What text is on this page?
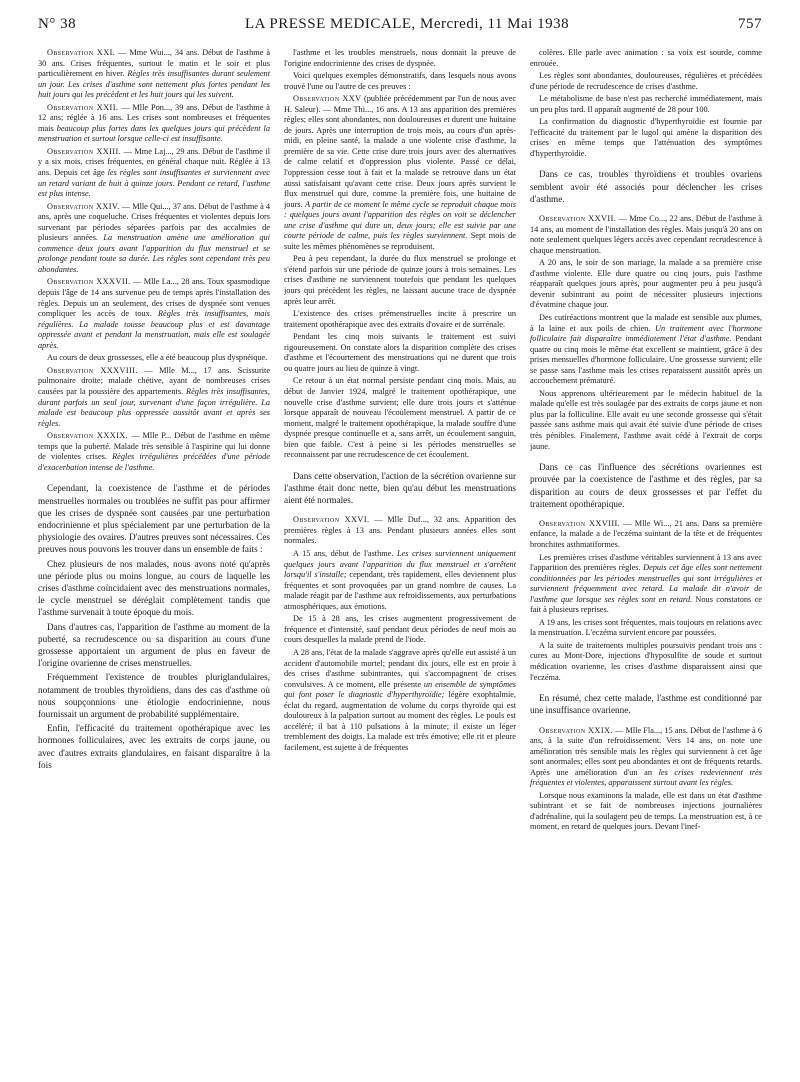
N° 38	LA PRESSE MEDICALE, Mercredi, 11 Mai 1938	757

Observation XXI. — Mme Wui..., 34 ans. Début de l'asthme à 30 ans. Crises fréquentes, surtout le matin et le soir et plus particulièrement en hiver. Règles très insuffisantes durant seulement un jour. Les crises d'asthme sont nettement plus fortes pendant les huit jours qui les précèdent et les huit jours qui les suivent.

Observation XXII. — Mlle Pon..., 39 ans. Début de l'asthme à 12 ans; réglée à 16 ans. Les crises sont nombreuses et fréquentes mais beaucoup plus fortes dans les quelques jours qui précèdent la menstruation et surtout lorsque celle-ci est insuffisante.

Observation XXIII. — Mme Laj..., 29 ans. Début de l'asthme il y a six mois, crises fréquentes, en général chaque nuit. Réglée à 13 ans. Depuis cet âge les règles sont insuffisantes et surviennent avec un retard variant de huit à quinze jours. Pendant ce retard, l'asthme est plus intense.

Observation XXIV. — Mlle Qui..., 37 ans. Début de l'asthme à 4 ans, après une coqueluche. Crises fréquentes et violentes depuis lors survenant par périodes séparées parfois par des accalmies de plusieurs années. La menstruation amène une amélioration qui commence deux jours avant l'apparition du flux menstruel et se prolonge pendant toute sa durée. Les règles sont cependant très peu abondantes.

Observation XXXVII. — Mlle La..., 28 ans. Toux spasmodique depuis l'âge de 14 ans survenue peu de temps après l'installation des règles. Depuis un an seulement, des crises de dyspnée sont venues compliquer les accès de toux. Règles très insuffisantes, mais régulières. La malade tousse beaucoup plus et est davantage oppressée avant et pendant la menstruation, mais elle est soulagée après.

Au cours de deux grossesses, elle a été beaucoup plus dyspnéique.

Observation XXXVIII. — Mlle M..., 17 ans. Scissurite pulmonaire droite; malade chétive, ayant de nombreuses crises causées par la poussière des appartements. Règles très insuffisantes, durant parfois un seul jour, survenant d'une façon irrégulière. La malade est beaucoup plus oppressée aussitôt avant et après ses règles.

Observation XXXIX. — Mlle P... Début de l'asthme en même temps que la puberté. Malade très sensible à l'aspirine qui lui donne de violentes crises. Règles irrégulières précédées d'une période d'exacerbation intense de l'asthme.

Cependant, la coexistence de l'asthme et de périodes menstruelles normales ou troublées ne suffit pas pour affirmer que les crises de dyspnée sont causées par une perturbation endocrinienne et plus spécialement par une perturbation de la physiologie des ovaires. D'autres preuves sont nécessaires. Ces preuves nous pouvons les trouver dans un ensemble de faits :

Chez plusieurs de nos malades, nous avons noté qu'après une période plus ou moins longue, au cours de laquelle les crises d'asthme coïncidaient avec des menstruations normales, le cycle menstruel se déréglait complètement tandis que l'asthme survenait à toute époque du mois.

Dans d'autres cas, l'apparition de l'asthme au moment de la puberté, sa recrudescence ou sa disparition au cours d'une grossesse apportaient un argument de plus en faveur de l'origine ovarienne de crises menstruelles.

Fréquemment l'existence de troubles pluriglandulaires, notamment de troubles thyroïdiens, dans des cas d'asthme où nous soupçonnions une étiologie endocrinienne, nous fournissait un argument de probabilité supplémentaire.

Enfin, l'efficacité du traitement opothérapique avec les hormones folliculaires, avec les extraits de corps jaune, ou avec d'autres extraits glandulaires, en faisant disparaître à la fois

l'asthme et les troubles menstruels, nous donnait la preuve de l'origine endocrinienne des crises de dyspnée.

Voici quelques exemples démonstratifs, dans lesquels nous avons trouvé l'une ou l'autre de ces preuves :

Observation XXV (publiée précédemment par l'un de nous avec H. Saleur). — Mme Thi..., 16 ans. A 13 ans apparition des premières règles; elles sont abondantes, non douloureuses et durent une huitaine de jours. Après une interruption de trois mois, au cours d'un après-midi, en pleine santé, la malade a une violente crise d'asthme, la première de sa vie. Cette crise dure trois jours avec des alternatives de calme relatif et d'oppression plus violente. Passé ce délai, l'oppression cesse tout à fait et la malade se retrouve dans un état aussi satisfaisant qu'avant cette crise. Deux jours après survient le flux menstruel qui dure, comme la première fois, une huitaine de jours. A partir de ce moment le même cycle se reproduit chaque mois : quelques jours avant l'apparition des règles on voit se déclencher une crise d'asthme qui dure un, deux jours; elle est suivie par une courte période de calme, puis les règles surviennent. Sept mois de suite les mêmes phénomènes se reproduisent.

Peu à peu cependant, la durée du flux menstruel se prolonge et s'étend parfois sur une période de quinze jours à trois semaines. Les crises d'asthme ne surviennent toutefois que pendant les quelques jours qui précèdent les règles, ne laissant aucune trace de dyspnée après leur arrêt.

L'existence des crises prémenstruelles incite à prescrire un traitement opothérapique avec des extraits d'ovaire et de surrénale.

Pendant les cinq mois suivants le traitement est suivi rigoureusement. On constate alors la disparition complète des crises d'asthme et l'écourtement des menstruations qui ne durent que trois ou quatre jours au lieu de quinze à vingt.

Ce retour à un état normal persiste pendant cinq mois. Mais, au début de Janvier 1924, malgré le traitement opothérapique, une nouvelle crise d'asthme survient; elle dure trois jours et s'atténue lorsque apparaît de nouveau l'écoulement menstruel. A partir de ce moment, malgré le traitement opothérapique, la malade souffre d'une dyspnée presque continuelle et a, sans arrêt, un écoulement sanguin, bien que faible. C'est à peine si les périodes menstruelles se reconnaissent par une recrudescence de cet écoulement.

Dans cette observation, l'action de la sécrétion ovarienne sur l'asthme était donc nette, bien qu'au début les menstruations aient été normales.

Observation XXVI. — Mlle Duf..., 32 ans. Apparition des premières règles à 13 ans. Pendant plusieurs années elles sont normales.

A 15 ans, début de l'asthme. Les crises surviennent uniquement quelques jours avant l'apparition du flux menstruel et s'arrêtent lorsqu'il s'installe; cependant, très rapidement, elles deviennent plus fréquentes et sont provoquées par un grand nombre de causes. La malade réagit par de l'asthme aux refroidissements, aux perturbations atmosphériques, aux émotions.

De 15 à 28 ans, les crises augmentent progressivement de fréquence et d'intensité, sauf pendant deux périodes de neuf mois au cours desquelles la malade prend de l'iode.

A 28 ans, l'état de la malade s'aggrave après qu'elle eut assisté à un accident d'automobile mortel; pendant dix jours, elle est en proie à des crises d'asthme subintrantes, qui s'accompagnent de crises convulsives. A ce moment, elle présente un ensemble de symptômes qui font poser le diagnostic d'hyperthyroïdie; légère exophtalmie, éclat du regard, augmentation de volume du corps thyroïde qui est douloureux à la palpation surtout au moment des règles. Le pouls est accéléré; il bat à 110 pulsations à la minute; il existe un léger tremblement des doigts. La malade est très émotive; elle rit et pleure facilement, est sujette à de fréquentes

colères. Elle parle avec animation : sa voix est sourde, comme enrouée.

Les règles sont abondantes, douloureuses, régulières et précédées d'une période de recrudescence de crises d'asthme.

Le métabolisme de base n'est pas recherché immédiatement, mais un peu plus tard. Il apparaît augmenté de 28 pour 100.

La confirmation du diagnostic d'hyperthyroïdie est fournie par l'efficacité du traitement par le lugol qui amène la disparition des crises en même temps que l'atténuation des symptômes d'hyperthyroïdie.

Dans ce cas, troubles thyroïdiens et troubles ovariens semblent avoir été associés pour déclencher les crises d'asthme.

Observation XXVII. — Mme Co..., 22 ans. Début de l'asthme à 14 ans, au moment de l'installation des règles. Mais jusqu'à 20 ans on note seulement quelques légers accès avec cependant recrudescence à chaque menstruation.

A 20 ans, le soir de son mariage, la malade a sa première crise d'asthme violente. Elle dure quatre ou cinq jours, puis l'asthme réapparaît quelques jours après, pour augmenter peu à peu jusqu'à devenir subintrant au point de nécessiter plusieurs injections d'évatmine chaque jour.

Des cutiréactions montrent que la malade est sensible aux plumes, à la laine et aux poils de chien. Un traitement avec l'hormone folliculaire fait disparaître immédiatement l'état d'asthme. Pendant quatre ou cinq mois le même état excellent se maintient, grâce à des prises mensuelles d'hormone folliculaire. Une grossesse survient; elle se passe sans l'asthme mais les crises reparaissent aussitôt après un accouchement prématuré.

Nous apprenons ultérieurement par le médecin habituel de la malade qu'elle est très soulagée par des extraits de corps jaune et non plus par la folliculine. Elle avait eu une seconde grossesse qui s'était passée sans asthme mais qui avait été suivie d'une période de crises très pénibles. Finalement, l'asthme avait cédé à l'extrait de corps jaune.

Dans ce cas l'influence des sécrétions ovariennes est prouvée par la coexistence de l'asthme et des règles, par sa disparition au cours de deux grossesses et par l'effet du traitement opothérapique.

Observation XXVIII. — Mlle Wi..., 21 ans. Dans sa première enfance, la malade a de l'eczéma suintant de la tête et de fréquentes bronchites asthmatiformes.

Les premières crises d'asthme véritables surviennent à 13 ans avec l'apparition des premières règles. Depuis cet âge elles sont nettement conditionnées par les périodes menstruelles qui sont irrégulières et surviennent fréquemment avec retard. La malade dit n'avoir de l'asthme que lorsque ses règles sont en retard. Nous constatons ce fait à plusieurs reprises.

A 19 ans, les crises sont fréquentes, mais toujours en relations avec la menstruation. L'eczéma survient encore par poussées.

A la suite de traitements multiples poursuivis pendant trois ans : cures au Mont-Dore, injections d'hyposulfite de soude et surtout médication ovarienne, les crises d'asthme disparaissent ainsi que l'eczéma.

En résumé, chez cette malade, l'asthme est conditionné par une insuffisance ovarienne.

Observation XXIX. — Mlle Fla..., 15 ans. Début de l'asthme à 6 ans, à la suite d'un refroidissement. Vers 14 ans, on note une amélioration très sensible mais les règles qui surviennent à cet âge sont anormales; elles sont peu abondantes et ont de fréquents retards. Après une amélioration d'un an les crises redeviennent très fréquentes et violentes, apparaissent surtout avant les règles.

Lorsque nous examinons la malade, elle est dans un état d'asthme subintrant et se fait de nombreuses injections journalières d'adrénaline, qui la soulagent peu de temps. La menstruation est, à ce moment, en retard de quelques jours. Devant l'inef-
